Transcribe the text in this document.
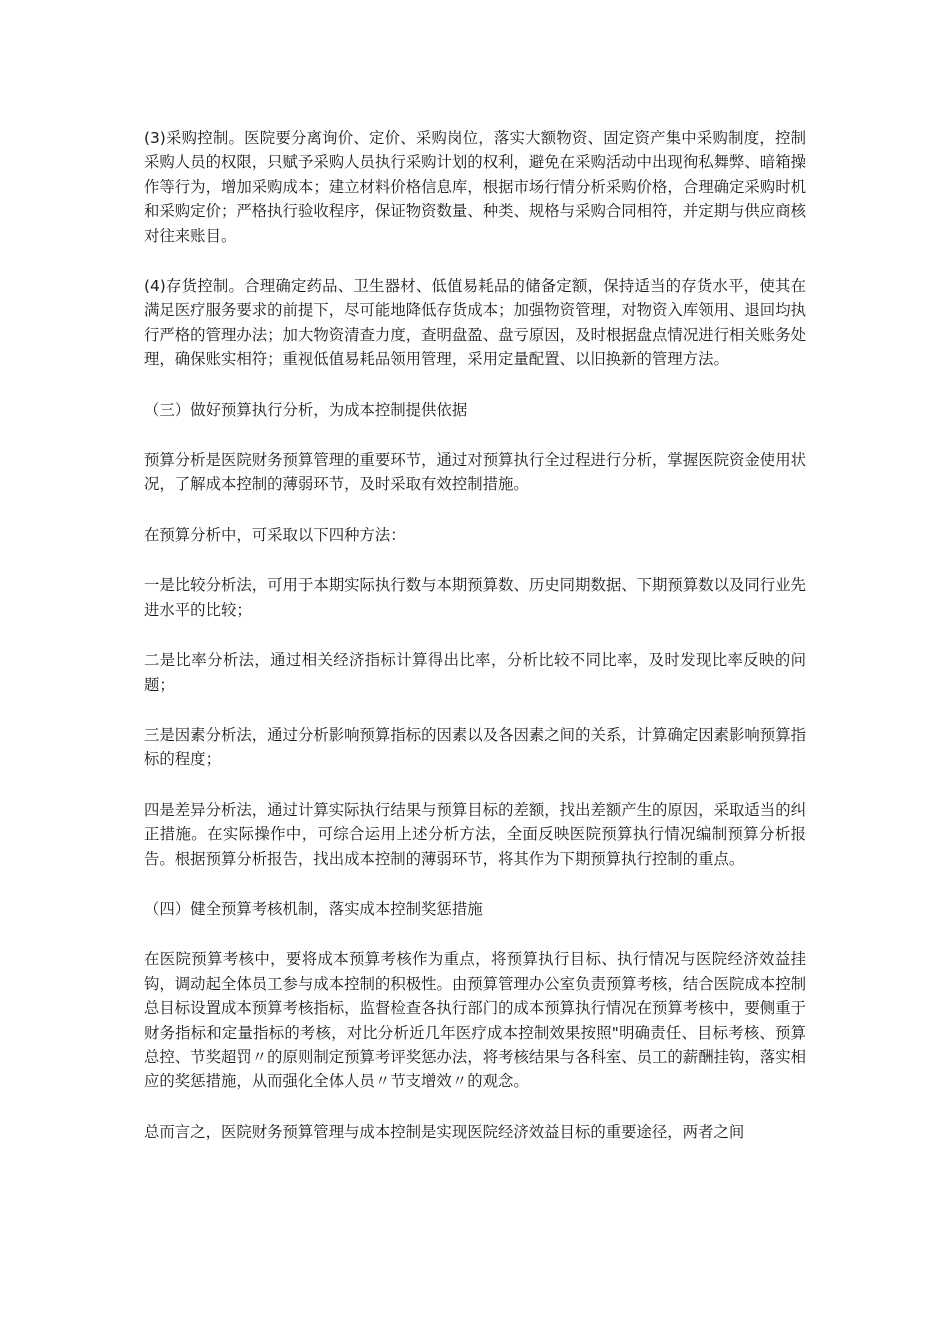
(3)采购控制。医院要分离询价、定价、采购岗位，落实大额物资、固定资产集中采购制度，控制采购人员的权限，只赋予采购人员执行采购计划的权利，避免在采购活动中出现徇私舞弊、暗箱操作等行为，增加采购成本；建立材料价格信息库，根据市场行情分析采购价格，合理确定采购时机和采购定价；严格执行验收程序，保证物资数量、种类、规格与采购合同相符，并定期与供应商核对往来账目。

(4)存货控制。合理确定药品、卫生器材、低值易耗品的储备定额，保持适当的存货水平，使其在满足医疗服务要求的前提下，尽可能地降低存货成本；加强物资管理，对物资入库领用、退回均执行严格的管理办法；加大物资清查力度，查明盘盈、盘亏原因，及时根据盘点情况进行相关账务处理，确保账实相符；重视低值易耗品领用管理，采用定量配置、以旧换新的管理方法。

（三）做好预算执行分析，为成本控制提供依据

预算分析是医院财务预算管理的重要环节，通过对预算执行全过程进行分析，掌握医院资金使用状况，了解成本控制的薄弱环节，及时采取有效控制措施。

在预算分析中，可采取以下四种方法：

一是比较分析法，可用于本期实际执行数与本期预算数、历史同期数据、下期预算数以及同行业先进水平的比较；

二是比率分析法，通过相关经济指标计算得出比率，分析比较不同比率，及时发现比率反映的问题；

三是因素分析法，通过分析影响预算指标的因素以及各因素之间的关系，计算确定因素影响预算指标的程度；

四是差异分析法，通过计算实际执行结果与预算目标的差额，找出差额产生的原因，采取适当的纠正措施。在实际操作中，可综合运用上述分析方法，全面反映医院预算执行情况编制预算分析报告。根据预算分析报告，找出成本控制的薄弱环节，将其作为下期预算执行控制的重点。

（四）健全预算考核机制，落实成本控制奖惩措施

在医院预算考核中，要将成本预算考核作为重点，将预算执行目标、执行情况与医院经济效益挂钩，调动起全体员工参与成本控制的积极性。由预算管理办公室负责预算考核，结合医院成本控制总目标设置成本预算考核指标，监督检查各执行部门的成本预算执行情况在预算考核中，要侧重于财务指标和定量指标的考核，对比分析近几年医疗成本控制效果按照"明确责任、目标考核、预算总控、节奖超罚〃的原则制定预算考评奖惩办法，将考核结果与各科室、员工的薪酬挂钩，落实相应的奖惩措施，从而强化全体人员〃节支增效〃的观念。

总而言之，医院财务预算管理与成本控制是实现医院经济效益目标的重要途径，两者之间
